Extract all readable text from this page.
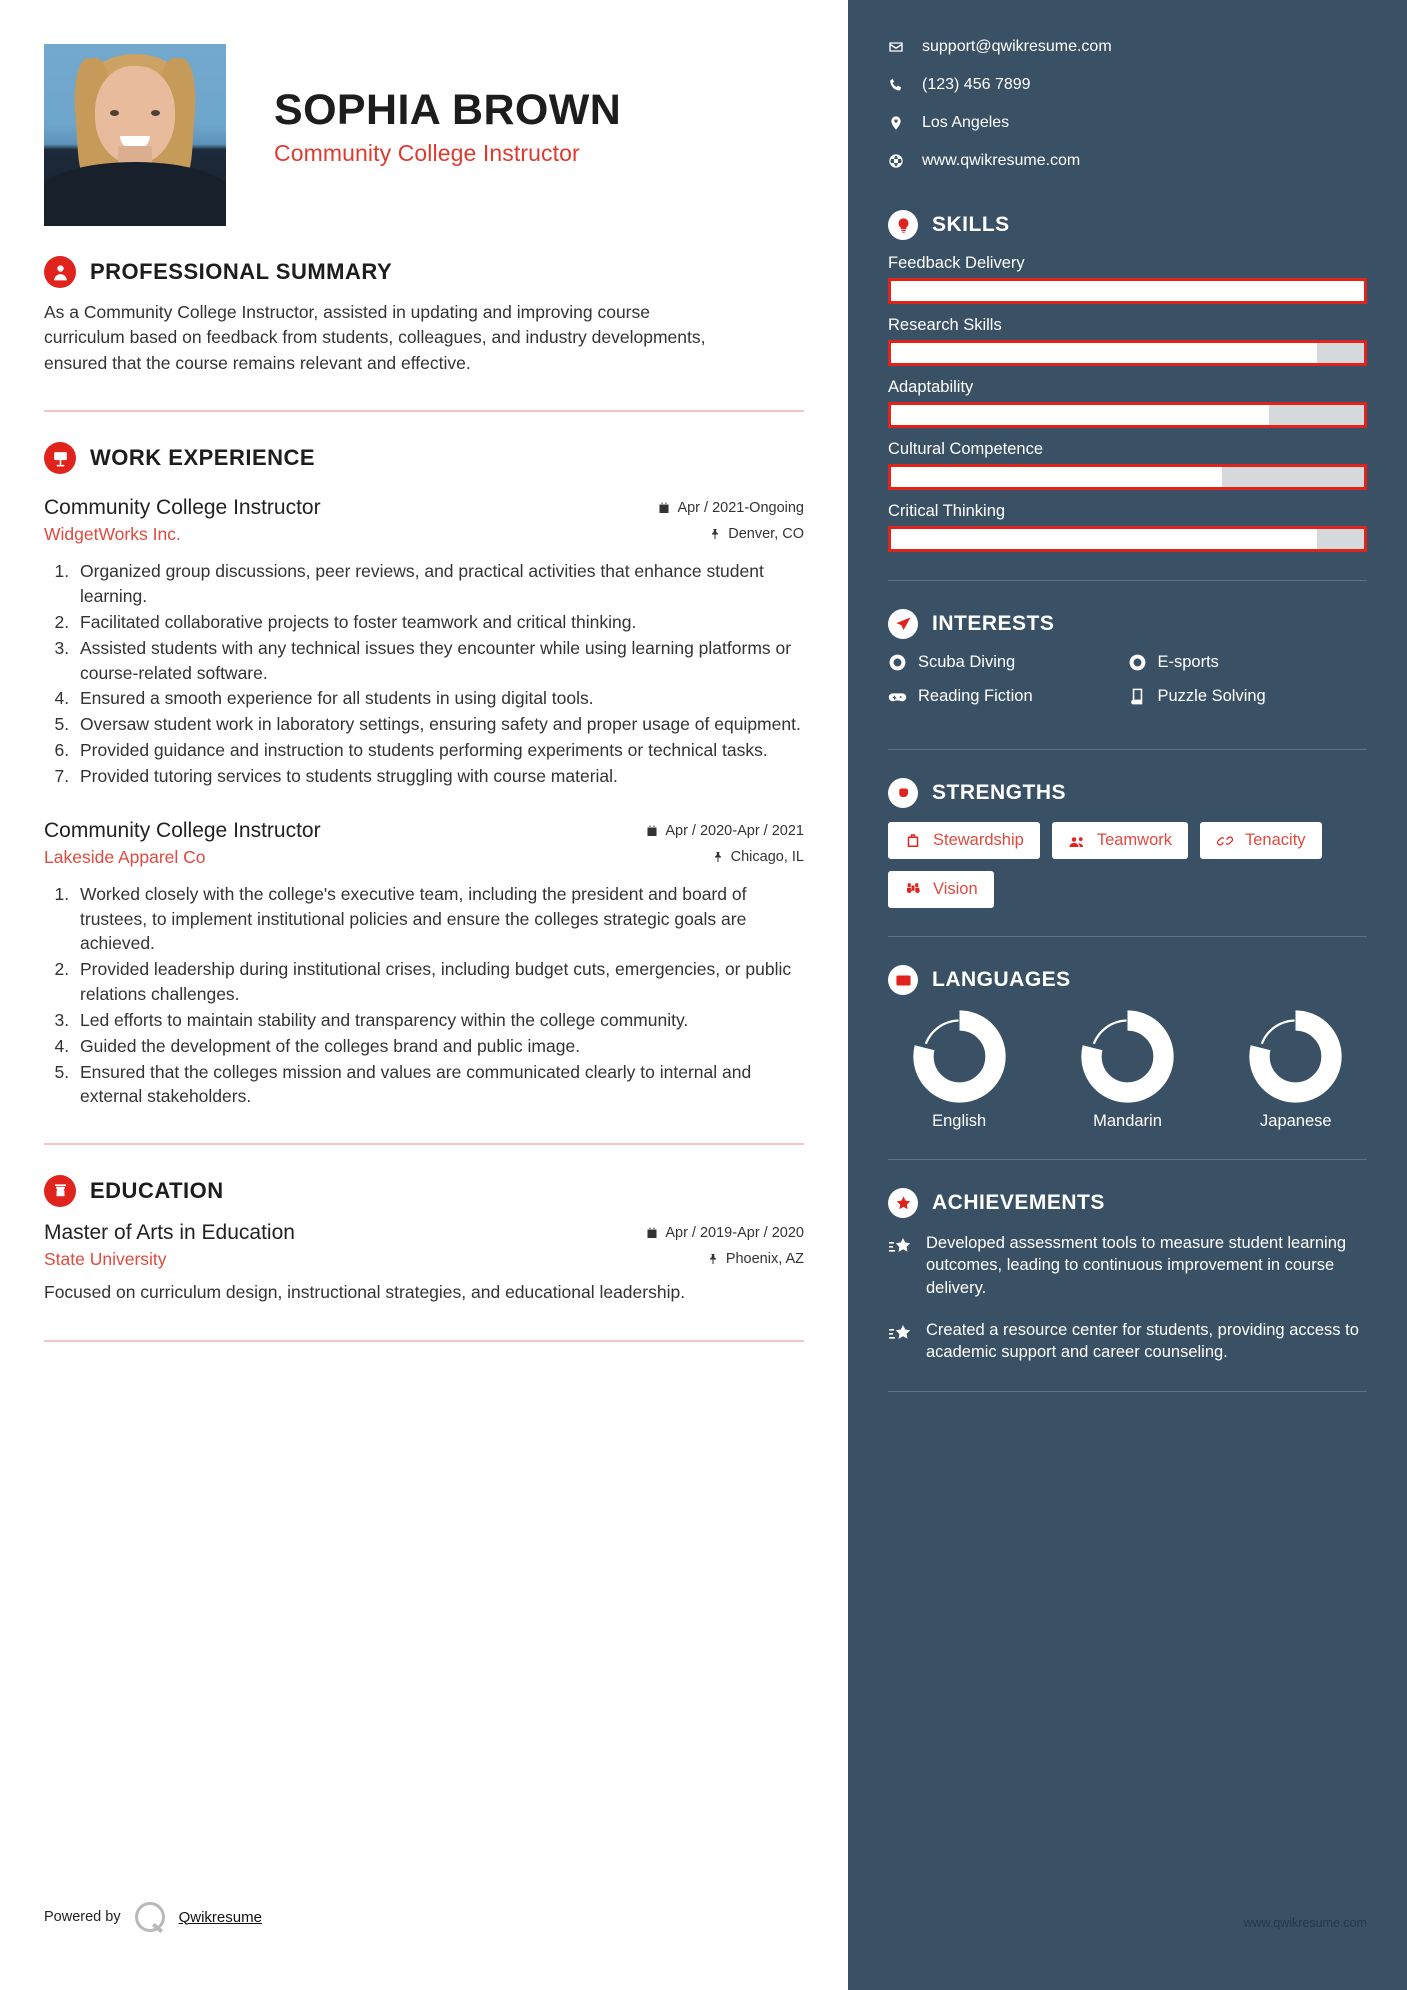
SOPHIA BROWN
Community College Instructor
PROFESSIONAL SUMMARY

As a Community College Instructor, assisted in updating and improving course curriculum based on feedback from students, colleagues, and industry developments, ensured that the course remains relevant and effective.

WORK EXPERIENCE
Community College Instructor	Apr / 2021-Ongoing
WidgetWorks Inc.	Denver, CO
1. Organized group discussions, peer reviews, and practical activities that enhance student learning.
2. Facilitated collaborative projects to foster teamwork and critical thinking.
3. Assisted students with any technical issues they encounter while using learning platforms or course-related software.
4. Ensured a smooth experience for all students in using digital tools.
5. Oversaw student work in laboratory settings, ensuring safety and proper usage of equipment.
6. Provided guidance and instruction to students performing experiments or technical tasks.
7. Provided tutoring services to students struggling with course material.
Community College Instructor	Apr / 2020-Apr / 2021
Lakeside Apparel Co	Chicago, IL
1. Worked closely with the college's executive team, including the president and board of trustees, to implement institutional policies and ensure the colleges strategic goals are achieved.
2. Provided leadership during institutional crises, including budget cuts, emergencies, or public relations challenges.
3. Led efforts to maintain stability and transparency within the college community.
4. Guided the development of the colleges brand and public image.
5. Ensured that the colleges mission and values are communicated clearly to internal and external stakeholders.
EDUCATION
Master of Arts in Education	Apr / 2019-Apr / 2020
State University	Phoenix, AZ

Focused on curriculum design, instructional strategies, and educational leadership.

Powered by	Qwikresume
support@qwikresume.com
(123) 456 7899
Los Angeles
www.qwikresume.com
SKILLS
Feedback Delivery
Research Skills
Adaptability
Cultural Competence
Critical Thinking
INTERESTS
Scuba Diving	E-sports
Reading Fiction	Puzzle Solving
STRENGTHS
Stewardship	Teamwork	Tenacity
Vision
LANGUAGES
English	Mandarin	Japanese
ACHIEVEMENTS

Developed assessment tools to measure student learning outcomes, leading to continuous improvement in course delivery.

Created a resource center for students, providing access to academic support and career counseling.

www.qwikresume.com
